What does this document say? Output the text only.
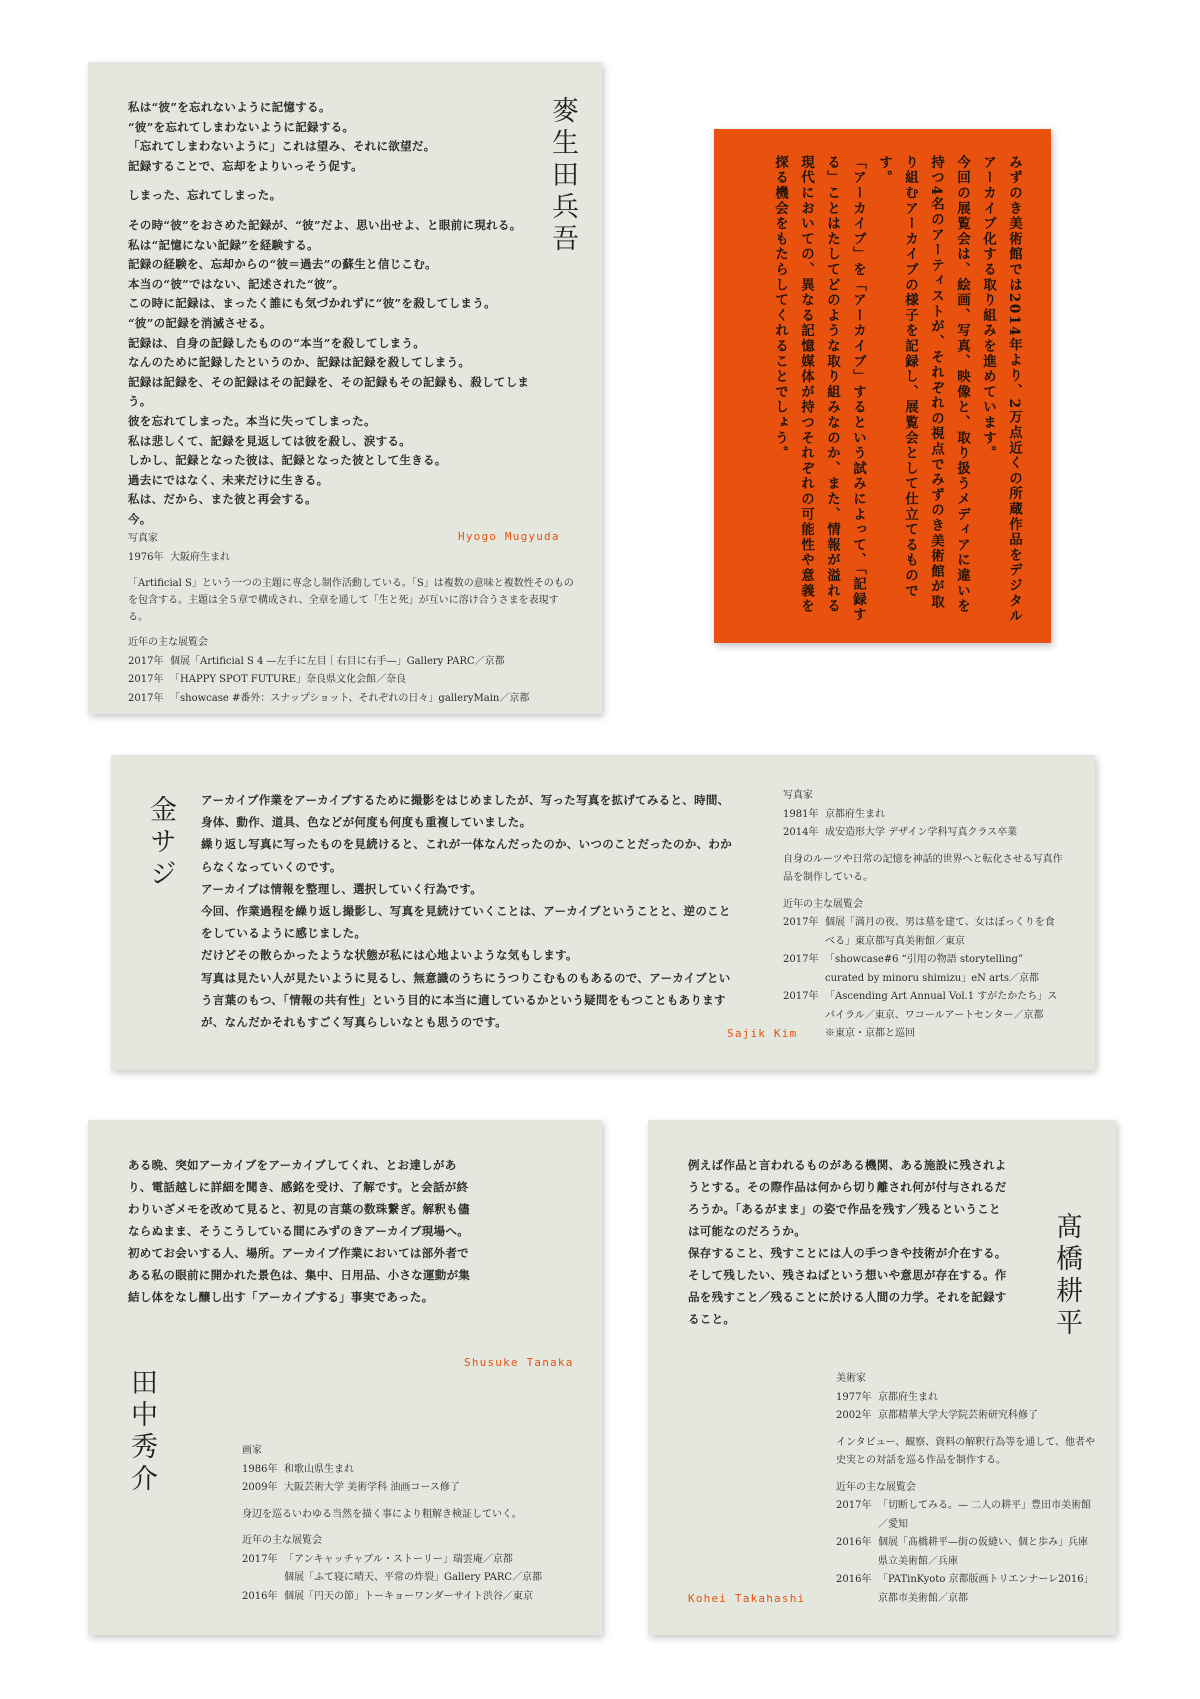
私は“彼”を忘れないように記憶する。

“彼”を忘れてしまわないように記録する。

「忘れてしまわないように」これは望み、それに欲望だ。

記録することで、忘却をよりいっそう促す。

しまった、忘れてしまった。

その時“彼”をおさめた記録が、“彼”だよ、思い出せよ、と眼前に現れる。

私は“記憶にない記録”を経験する。

記録の経験を、忘却からの“彼＝過去”の蘇生と信じこむ。

本当の“彼”ではない、記述された“彼”。

この時に記録は、まったく誰にも気づかれずに“彼”を殺してしまう。

“彼”の記録を消滅させる。

記録は、自身の記録したものの“本当”を殺してしまう。

なんのために記録したというのか、記録は記録を殺してしまう。

記録は記録を、その記録はその記録を、その記録もその記録も、殺してしまう。

彼を忘れてしまった。本当に失ってしまった。

私は悲しくて、記録を見返しては彼を殺し、涙する。

しかし、記録となった彼は、記録となった彼として生きる。

過去にではなく、未来だけに生きる。

私は、だから、また彼と再会する。

今。

麥生田兵吾
Hyogo Mugyuda
写真家
1976年 大阪府生まれ
「Artificial S」という一つの主題に専念し制作活動している。「S」は複数の意味と複数性そのものを包含する。主題は全５章で構成され、全章を通して「生と死」が互いに溶け合うさまを表現する。
近年の主な展覧会
2017年 個展「Artificial S 4 —左手に左目｜右目に右手—」Gallery PARC／京都
2017年 「HAPPY SPOT FUTURE」奈良県文化会館／奈良
2017年 「showcase #番外：スナップショット、それぞれの日々」galleryMain／京都

みずのき美術館では2014年より、2万点近くの所蔵作品をデジタルアーカイブ化する取り組みを進めています。

今回の展覧会は、絵画、写真、映像と、取り扱うメディアに違いを持つ4名のアーティストが、それぞれの視点でみずのき美術館が取り組むアーカイブの様子を記録し、展覧会として仕立てるものです。

「アーカイブ」を「アーカイブ」するという試みによって、「記録する」ことはたしてどのような取り組みなのか、また、情報が溢れる現代においての、異なる記憶媒体が持つそれぞれの可能性や意義を探る機会をもたらしてくれることでしょう。

金サジ アーカイブ作業をアーカイブするために撮影をはじめましたが、写った写真を拡げてみると、時間、身体、動作、道具、色などが何度も何度も重複していました。

繰り返し写真に写ったものを見続けると、これが一体なんだったのか、いつのことだったのか、わからなくなっていくのです。

アーカイブは情報を整理し、選択していく行為です。

今回、作業過程を繰り返し撮影し、写真を見続けていくことは、アーカイブということと、逆のことをしているように感じました。

だけどその散らかったような状態が私には心地よいような気もします。

写真は見たい人が見たいように見るし、無意識のうちにうつりこむものもあるので、アーカイブという言葉のもつ、「情報の共有性」という目的に本当に適しているかという疑問をもつこともありますが、なんだかそれもすごく写真らしいなとも思うのです。

Sajik Kim
写真家
1981年 京都府生まれ
2014年 成安造形大学 デザイン学科写真クラス卒業
自身のルーツや日常の記憶を神話的世界へと転化させる写真作品を制作している。
近年の主な展覧会
2017年 個展「満月の夜、男は墓を建て、女はぼっくりを食べる」東京都写真美術館／東京
2017年 「showcase#6 “引用の物語 storytelling” curated by minoru shimizu」eN arts／京都
2017年 「Ascending Art Annual Vol.1 すがたかたち」スパイラル／東京、ワコールアートセンター／京都　※東京・京都と巡回
ある晩、突如アーカイブをアーカイブしてくれ、とお達しがあり、電話越しに詳細を聞き、感銘を受け、了解です。と会話が終わりいざメモを改めて見ると、初見の言葉の数珠繋ぎ。解釈も儘ならぬまま、そうこうしている間にみずのきアーカイブ現場へ。初めてお会いする人、場所。アーカイブ作業においては部外者である私の眼前に開かれた景色は、集中、日用品、小さな運動が集結し体をなし醸し出す「アーカイブする」事実であった。
Shusuke Tanaka
田中秀介	画家
1986年 和歌山県生まれ
2009年 大阪芸術大学 美術学科 油画コース修了
身辺を巡るいわゆる当然を描く事により粗解き検証していく。
近年の主な展覧会
2017年 「アンキャッチャブル・ストーリー」瑞雲庵／京都
個展「ふて寝に晴天、平常の炸裂」Gallery PARC／京都
2016年 個展「円天の節」トーキョーワンダーサイト渋谷／東京

例えば作品と言われるものがある機関、ある施設に残されようとする。その際作品は何から切り離され何が付与されるだろうか。「あるがまま」の姿で作品を残す／残るということは可能なのだろうか。

保存すること、残すことには人の手つきや技術が介在する。そして残したい、残さねばという想いや意思が存在する。作品を残すこと／残ることに於ける人間の力学。それを記録すること。	髙橋耕平
美術家
1977年 京都府生まれ
2002年 京都精華大学大学院芸術研究科修了
インタビュー、観察、資料の解釈行為等を通して、他者や史実との対話を巡る作品を制作する。
近年の主な展覧会
2017年 「切断してみる。— 二人の耕平」豊田市美術館／愛知
2016年 個展「髙橋耕平—街の仮縫い、個と歩み」兵庫県立美術館／兵庫
2016年 「PATinKyoto 京都版画トリエンナーレ2016」京都市美術館／京都
Kohei Takahashi
